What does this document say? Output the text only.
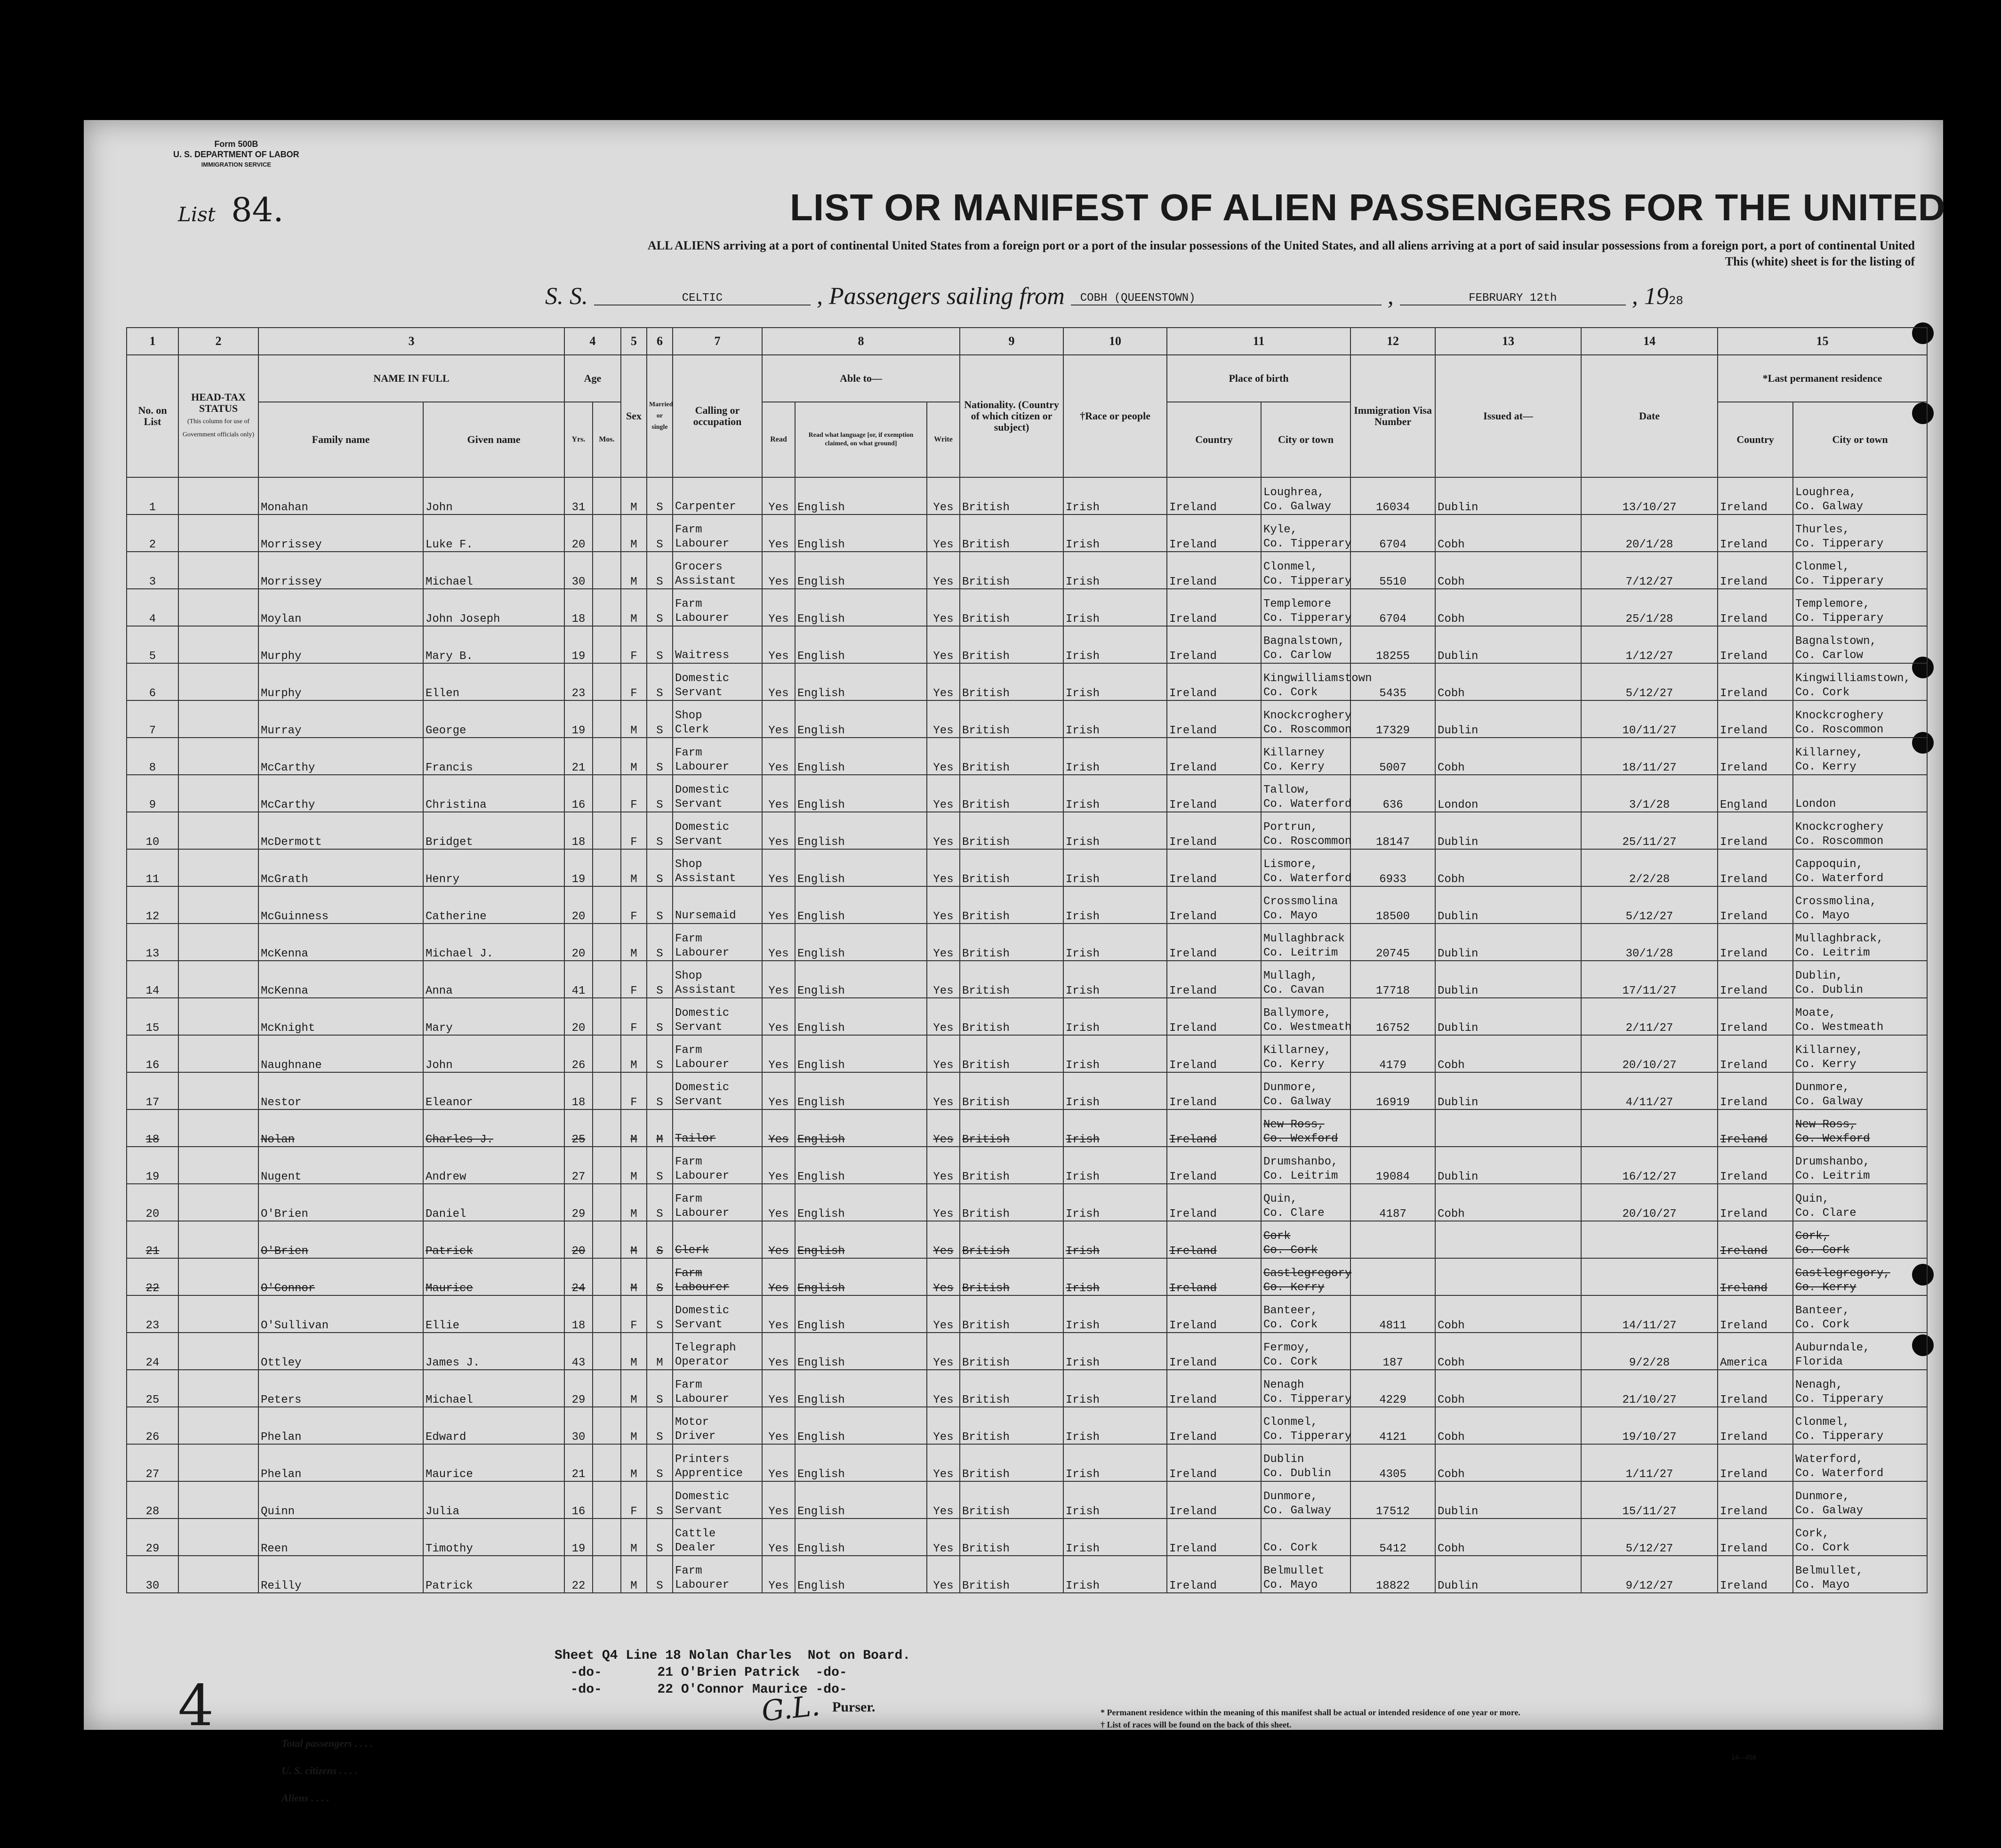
Form 500B
U. S. DEPARTMENT OF LABOR
IMMIGRATION SERVICE
List 84.	LIST OR MANIFEST OF ALIEN PASSENGERS FOR THE UNITED
ALL ALIENS arriving at a port of continental United States from a foreign port or a port of the insular possessions of the United States, and all aliens arriving at a port of said insular possessions from a foreign port, a port of continental United
This (white) sheet is for the listing of
S. S.	CELTIC	, Passengers sailing from COBH (QUEENSTOWN)	,	FEBRUARY 12th	, 1928
1	2	3		4		5	6	7	8			9	10	11		12	13	14	15	
No. on List	HEAD-TAX STATUS
(This column for use of Government officials only)	NAME IN FULL		Age		Sex	Married or single	Calling or occupation	Able to—			Nationality. (Country of which citizen or subject)	†Race or people	Place of birth		Immigration Visa Number	Issued at—	Date	*Last permanent residence	
		Family name	Given name	Yrs.	Mos.				Read	Read what language [or, if exemption claimed, on what ground]	Write			Country	City or town				Country	City or town
1		Monahan	John	31		M	S	Carpenter	Yes	English	Yes	British	Irish	Ireland	Loughrea,
Co. Galway	16034	Dublin	13/10/27	Ireland	Loughrea,
Co. Galway

2		Morrissey	Luke F.	20		M	S	Farm
Labourer	Yes	English	Yes	British	Irish	Ireland	Kyle,
Co. Tipperary	6704	Cobh	20/1/28	Ireland	Thurles,
Co. Tipperary

3		Morrissey	Michael	30		M	S	Grocers
Assistant	Yes	English	Yes	British	Irish	Ireland	Clonmel,
Co. Tipperary	5510	Cobh	7/12/27	Ireland	Clonmel,
Co. Tipperary

4		Moylan	John Joseph	18		M	S	Farm
Labourer	Yes	English	Yes	British	Irish	Ireland	Templemore
Co. Tipperary	6704	Cobh	25/1/28	Ireland	Templemore,
Co. Tipperary

5		Murphy	Mary B.	19		F	S	Waitress	Yes	English	Yes	British	Irish	Ireland	Bagnalstown,
Co. Carlow	18255	Dublin	1/12/27	Ireland	Bagnalstown,
Co. Carlow

6		Murphy	Ellen	23		F	S	Domestic
Servant	Yes	English	Yes	British	Irish	Ireland	Kingwilliamstown
Co. Cork	5435	Cobh	5/12/27	Ireland	Kingwilliamstown,
Co. Cork

7		Murray	George	19		M	S	Shop
Clerk	Yes	English	Yes	British	Irish	Ireland	Knockcroghery
Co. Roscommon	17329	Dublin	10/11/27	Ireland	Knockcroghery
Co. Roscommon

8		McCarthy	Francis	21		M	S	Farm
Labourer	Yes	English	Yes	British	Irish	Ireland	Killarney
Co. Kerry	5007	Cobh	18/11/27	Ireland	Killarney,
Co. Kerry

9		McCarthy	Christina	16		F	S	Domestic
Servant	Yes	English	Yes	British	Irish	Ireland	Tallow,
Co. Waterford	636	London	3/1/28	England	London

10		McDermott	Bridget	18		F	S	Domestic
Servant	Yes	English	Yes	British	Irish	Ireland	Portrun,
Co. Roscommon	18147	Dublin	25/11/27	Ireland	Knockcroghery
Co. Roscommon

11		McGrath	Henry	19		M	S	Shop
Assistant	Yes	English	Yes	British	Irish	Ireland	Lismore,
Co. Waterford	6933	Cobh	2/2/28	Ireland	Cappoquin,
Co. Waterford

12		McGuinness	Catherine	20		F	S	Nursemaid	Yes	English	Yes	British	Irish	Ireland	Crossmolina
Co. Mayo	18500	Dublin	5/12/27	Ireland	Crossmolina,
Co. Mayo

13		McKenna	Michael J.	20		M	S	Farm
Labourer	Yes	English	Yes	British	Irish	Ireland	Mullaghbrack
Co. Leitrim	20745	Dublin	30/1/28	Ireland	Mullaghbrack,
Co. Leitrim

14		McKenna	Anna	41		F	S	Shop
Assistant	Yes	English	Yes	British	Irish	Ireland	Mullagh,
Co. Cavan	17718	Dublin	17/11/27	Ireland	Dublin,
Co. Dublin

15		McKnight	Mary	20		F	S	Domestic
Servant	Yes	English	Yes	British	Irish	Ireland	Ballymore,
Co. Westmeath	16752	Dublin	2/11/27	Ireland	Moate,
Co. Westmeath

16		Naughnane	John	26		M	S	Farm
Labourer	Yes	English	Yes	British	Irish	Ireland	Killarney,
Co. Kerry	4179	Cobh	20/10/27	Ireland	Killarney,
Co. Kerry

17		Nestor	Eleanor	18		F	S	Domestic
Servant	Yes	English	Yes	British	Irish	Ireland	Dunmore,
Co. Galway	16919	Dublin	4/11/27	Ireland	Dunmore,
Co. Galway

18		Nolan	Charles J.	25		M	M	Tailor	Yes	English	Yes	British	Irish	Ireland	New Ross,
Co. Wexford				Ireland	New Ross,
Co. Wexford

19		Nugent	Andrew	27		M	S	Farm
Labourer	Yes	English	Yes	British	Irish	Ireland	Drumshanbo,
Co. Leitrim	19084	Dublin	16/12/27	Ireland	Drumshanbo,
Co. Leitrim

20		O'Brien	Daniel	29		M	S	Farm
Labourer	Yes	English	Yes	British	Irish	Ireland	Quin,
Co. Clare	4187	Cobh	20/10/27	Ireland	Quin,
Co. Clare

21		O'Brien	Patrick	20		M	S	Clerk	Yes	English	Yes	British	Irish	Ireland	Cork
Co. Cork				Ireland	Cork,
Co. Cork

22		O'Connor	Maurice	24		M	S	Farm
Labourer	Yes	English	Yes	British	Irish	Ireland	Castlegregory
Co. Kerry				Ireland	Castlegregory,
Co. Kerry

23		O'Sullivan	Ellie	18		F	S	Domestic
Servant	Yes	English	Yes	British	Irish	Ireland	Banteer,
Co. Cork	4811	Cobh	14/11/27	Ireland	Banteer,
Co. Cork

24		Ottley	James J.	43		M	M	Telegraph
Operator	Yes	English	Yes	British	Irish	Ireland	Fermoy,
Co. Cork	187	Cobh	9/2/28	America	Auburndale,
Florida

25		Peters	Michael	29		M	S	Farm
Labourer	Yes	English	Yes	British	Irish	Ireland	Nenagh
Co. Tipperary	4229	Cobh	21/10/27	Ireland	Nenagh,
Co. Tipperary

26		Phelan	Edward	30		M	S	Motor
Driver	Yes	English	Yes	British	Irish	Ireland	Clonmel,
Co. Tipperary	4121	Cobh	19/10/27	Ireland	Clonmel,
Co. Tipperary

27		Phelan	Maurice	21		M	S	Printers
Apprentice	Yes	English	Yes	British	Irish	Ireland	Dublin
Co. Dublin	4305	Cobh	1/11/27	Ireland	Waterford,
Co. Waterford

28		Quinn	Julia	16		F	S	Domestic
Servant	Yes	English	Yes	British	Irish	Ireland	Dunmore,
Co. Galway	17512	Dublin	15/11/27	Ireland	Dunmore,
Co. Galway

29		Reen	Timothy	19		M	S	Cattle
Dealer	Yes	English	Yes	British	Irish	Ireland	Co. Cork	5412	Cobh	5/12/27	Ireland	Cork,
Co. Cork

30		Reilly	Patrick	22		M	S	Farm
Labourer	Yes	English	Yes	British	Irish	Ireland	Belmullet
Co. Mayo	18822	Dublin	9/12/27	Ireland	Belmullet,
Co. Mayo
Sheet Q4 Line 18 Nolan Charles  Not on Board.
-do-       21 O'Brien Patrick  -do-
-do-       22 O'Connor Maurice -do-
Total passengers . . . .
U. S. citizens . . . .
Aliens . . . .
G.L. Purser.	* Permanent residence within the meaning of this manifest shall be actual or intended residence of one year or more.
† List of races will be found on the back of this sheet.
14—458
4
